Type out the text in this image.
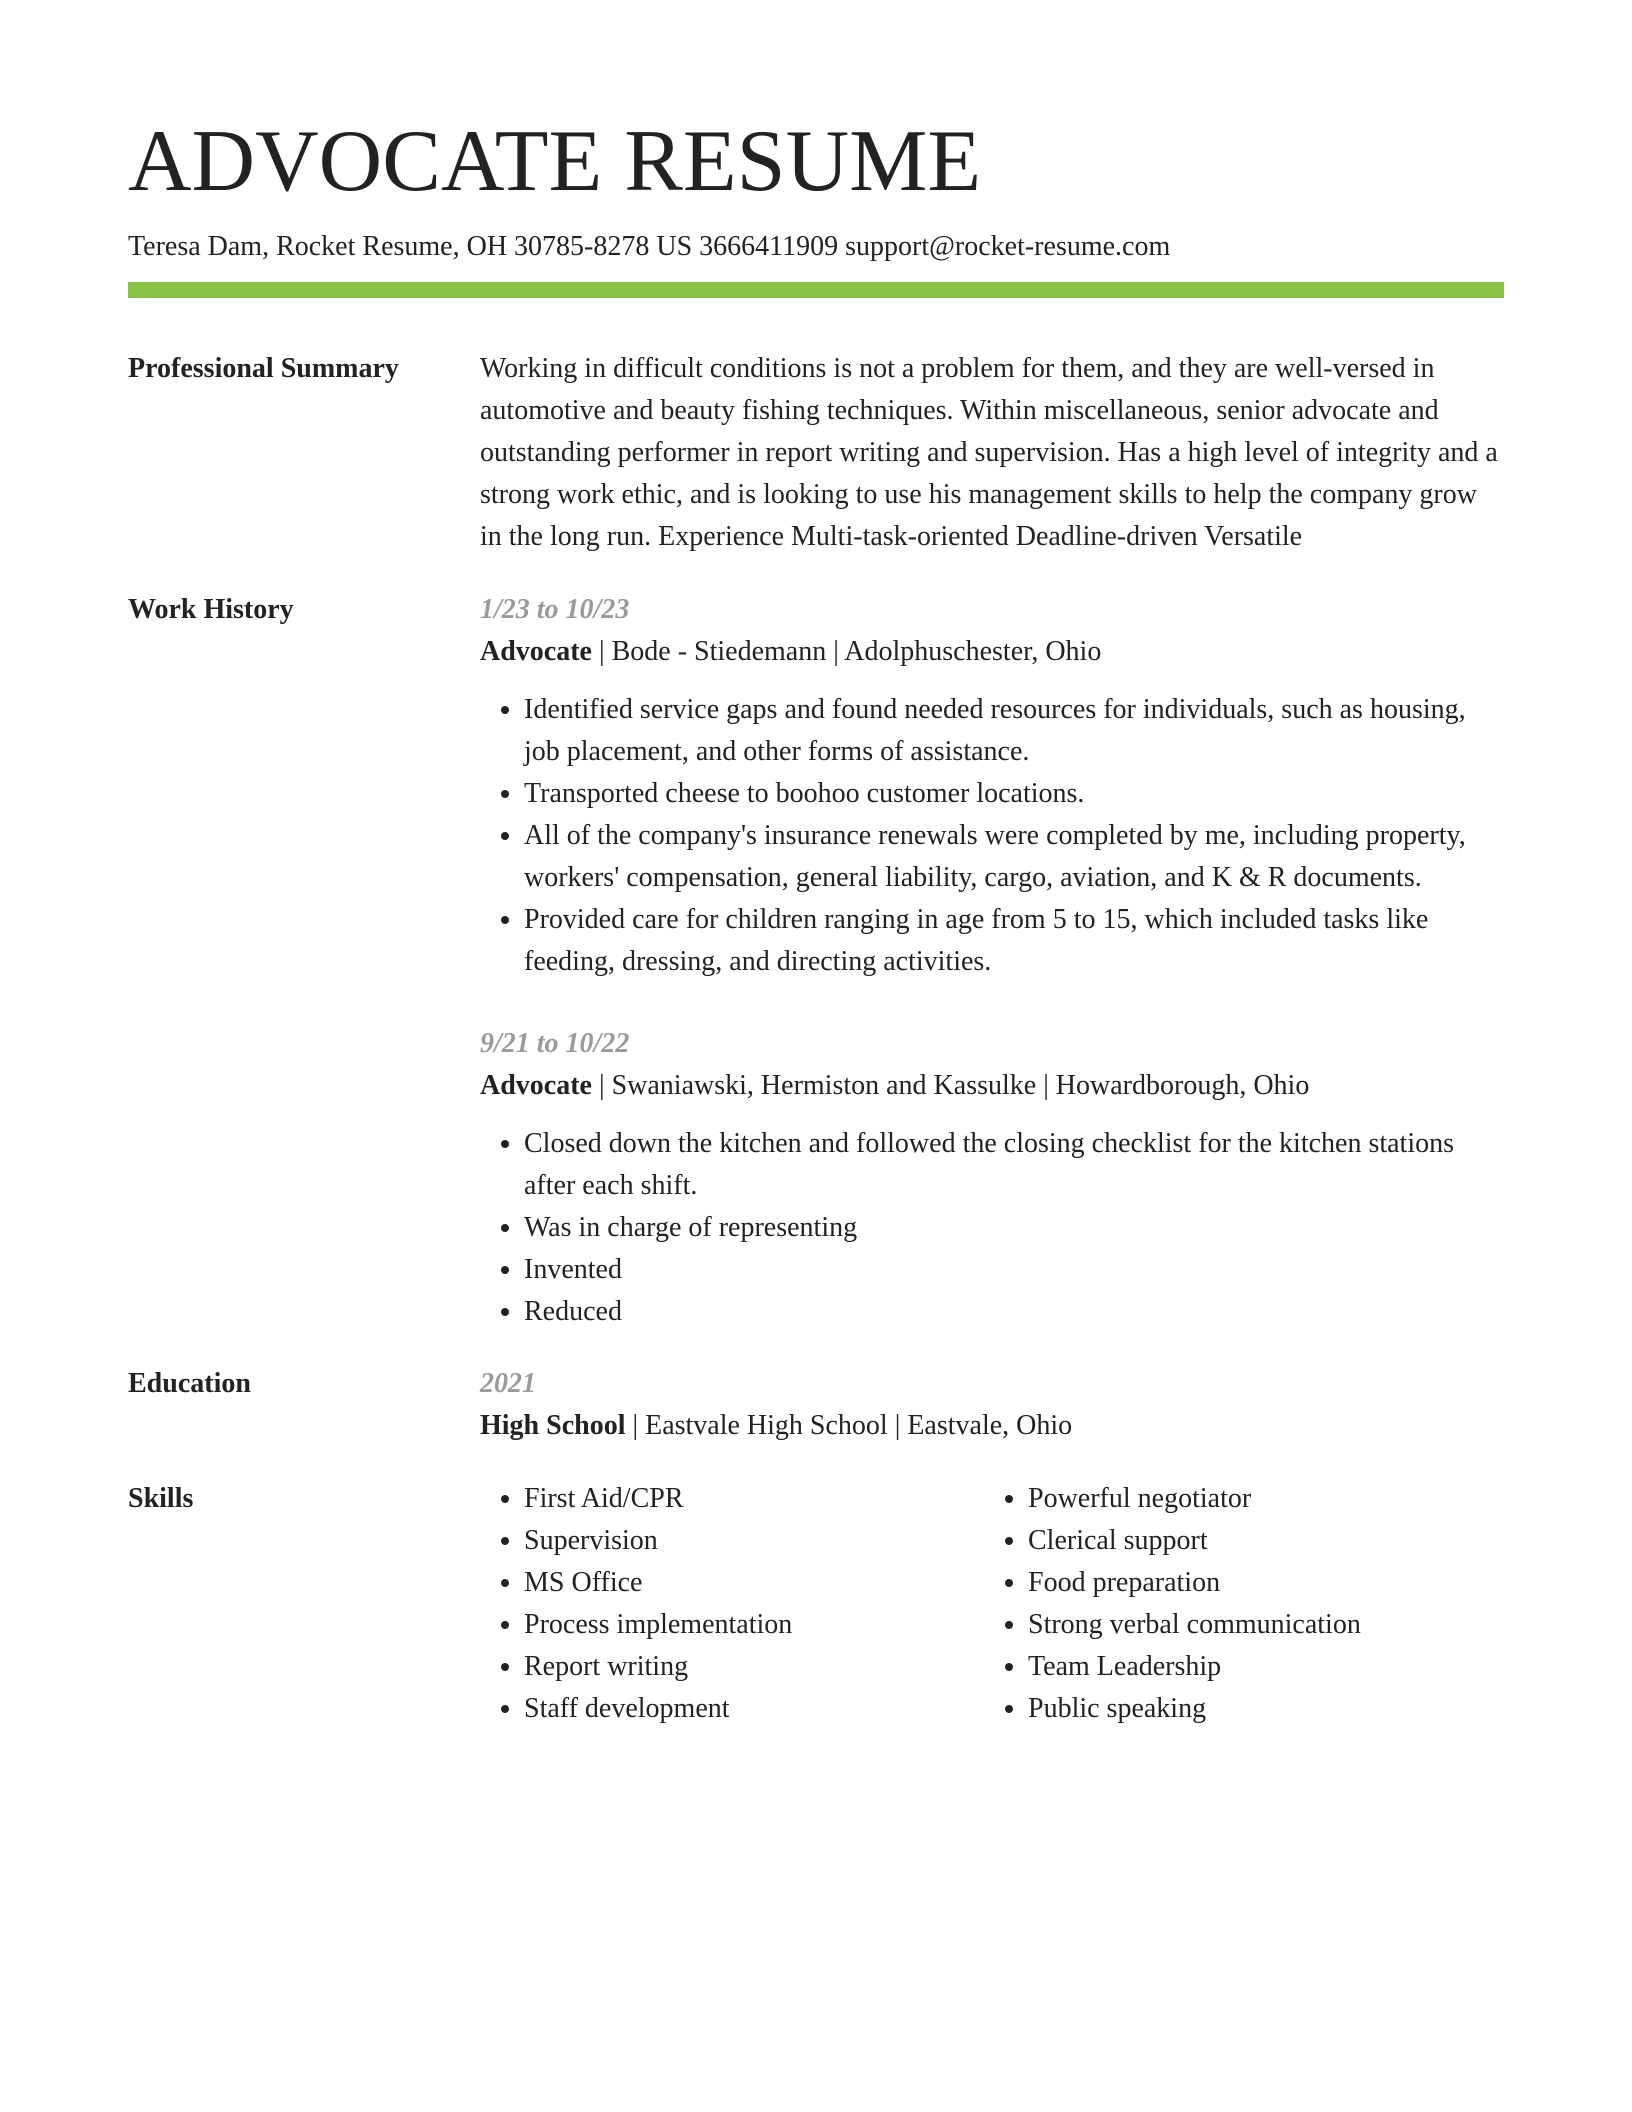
ADVOCATE RESUME
Teresa Dam, Rocket Resume, OH 30785-8278 US 3666411909 support@rocket-resume.com
Professional Summary	Working in difficult conditions is not a problem for them, and they are well-versed in automotive and beauty fishing techniques. Within miscellaneous, senior advocate and outstanding performer in report writing and supervision. Has a high level of integrity and a strong work ethic, and is looking to use his management skills to help the company grow in the long run. Experience Multi-task-oriented Deadline-driven Versatile
Work History	1/23 to 10/23
Advocate | Bode - Stiedemann | Adolphuschester, Ohio
• Identified service gaps and found needed resources for individuals, such as housing, job placement, and other forms of assistance.
• Transported cheese to boohoo customer locations.
• All of the company's insurance renewals were completed by me, including property, workers' compensation, general liability, cargo, aviation, and K & R documents.
• Provided care for children ranging in age from 5 to 15, which included tasks like feeding, dressing, and directing activities.
9/21 to 10/22
Advocate | Swaniawski, Hermiston and Kassulke | Howardborough, Ohio
• Closed down the kitchen and followed the closing checklist for the kitchen stations after each shift.
• Was in charge of representing
• Invented
• Reduced
Education	2021
High School | Eastvale High School | Eastvale, Ohio
Skills
•	First Aid/CPR
• Supervision
• MS Office
• Process implementation
• Report writing
• Staff development
• Powerful negotiator
• Clerical support
• Food preparation
• Strong verbal communication
• Team Leadership
• Public speaking
